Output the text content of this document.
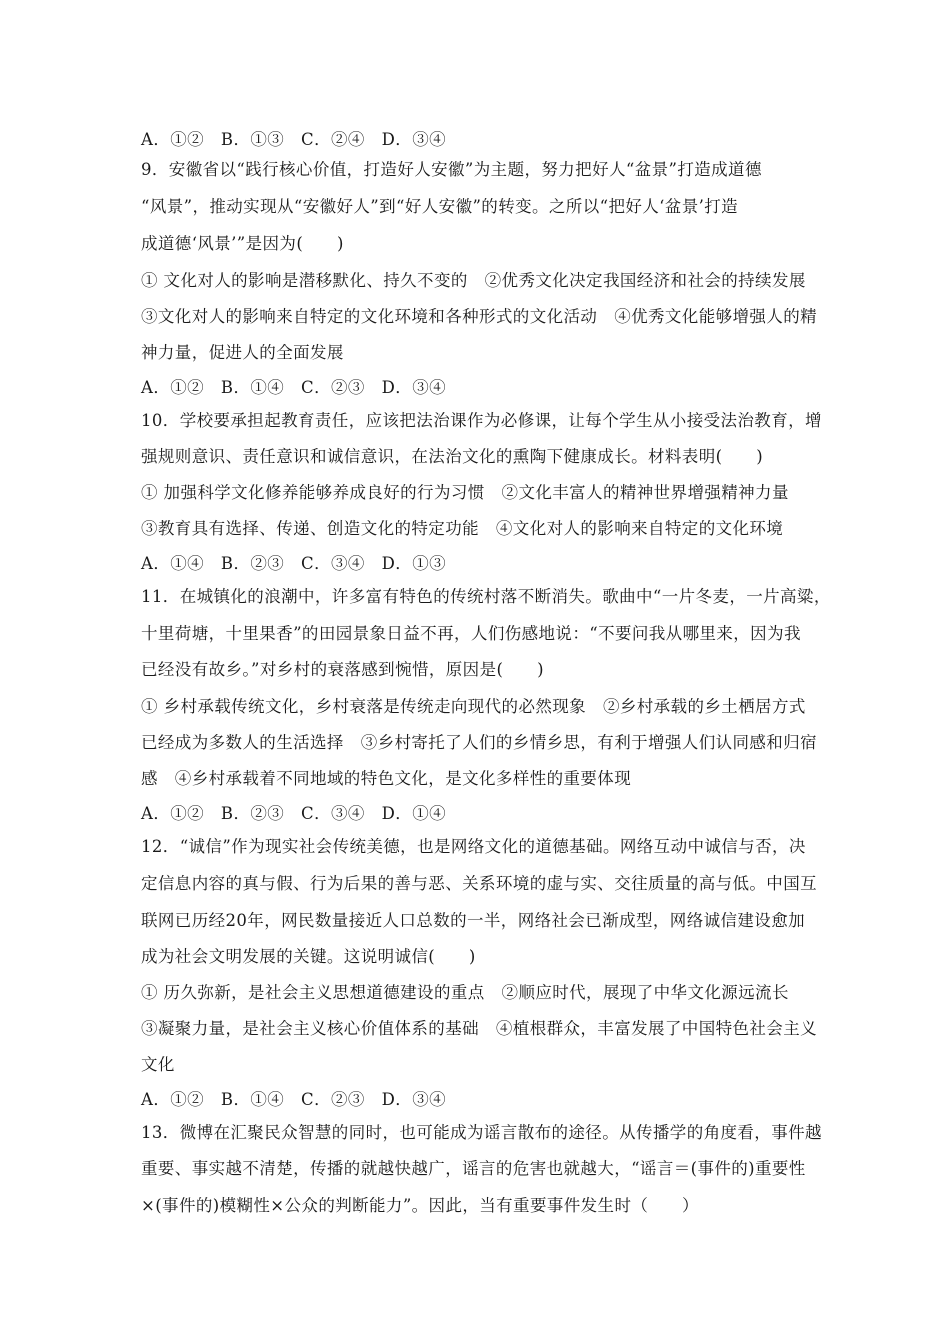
A．①②　B．①③　C．②④　D．③④
9．安徽省以“践行核心价值，打造好人安徽”为主题，努力把好人“盆景”打造成道德
“风景”，推动实现从“安徽好人”到“好人安徽”的转变。之所以“把好人‘盆景’打造
成道德‘风景’”是因为(　　)
① 文化对人的影响是潜移默化、持久不变的　②优秀文化决定我国经济和社会的持续发展
③文化对人的影响来自特定的文化环境和各种形式的文化活动　④优秀文化能够增强人的精
神力量，促进人的全面发展
A．①②　B．①④　C．②③　D．③④
10．学校要承担起教育责任，应该把法治课作为必修课，让每个学生从小接受法治教育，增
强规则意识、责任意识和诚信意识，在法治文化的熏陶下健康成长。材料表明(　　)
① 加强科学文化修养能够养成良好的行为习惯　②文化丰富人的精神世界增强精神力量
③教育具有选择、传递、创造文化的特定功能　④文化对人的影响来自特定的文化环境
A．①④　B．②③　C．③④　D．①③
11．在城镇化的浪潮中，许多富有特色的传统村落不断消失。歌曲中“一片冬麦，一片高粱，
十里荷塘，十里果香”的田园景象日益不再，人们伤感地说：“不要问我从哪里来，因为我
已经没有故乡。”对乡村的衰落感到惋惜，原因是(　　)
① 乡村承载传统文化，乡村衰落是传统走向现代的必然现象　②乡村承载的乡土栖居方式
已经成为多数人的生活选择　③乡村寄托了人们的乡情乡思，有利于增强人们认同感和归宿
感　④乡村承载着不同地域的特色文化，是文化多样性的重要体现
A．①②　B．②③　C．③④　D．①④
12．“诚信”作为现实社会传统美德，也是网络文化的道德基础。网络互动中诚信与否，决
定信息内容的真与假、行为后果的善与恶、关系环境的虚与实、交往质量的高与低。中国互
联网已历经20年，网民数量接近人口总数的一半，网络社会已渐成型，网络诚信建设愈加
成为社会文明发展的关键。这说明诚信(　　)
① 历久弥新，是社会主义思想道德建设的重点　②顺应时代，展现了中华文化源远流长
③凝聚力量，是社会主义核心价值体系的基础　④植根群众，丰富发展了中国特色社会主义
文化
A．①②　B．①④　C．②③　D．③④
13．微博在汇聚民众智慧的同时，也可能成为谣言散布的途径。从传播学的角度看，事件越
重要、事实越不清楚，传播的就越快越广，谣言的危害也就越大，“谣言＝(事件的)重要性
×(事件的)模糊性×公众的判断能力”。因此，当有重要事件发生时（　　）
